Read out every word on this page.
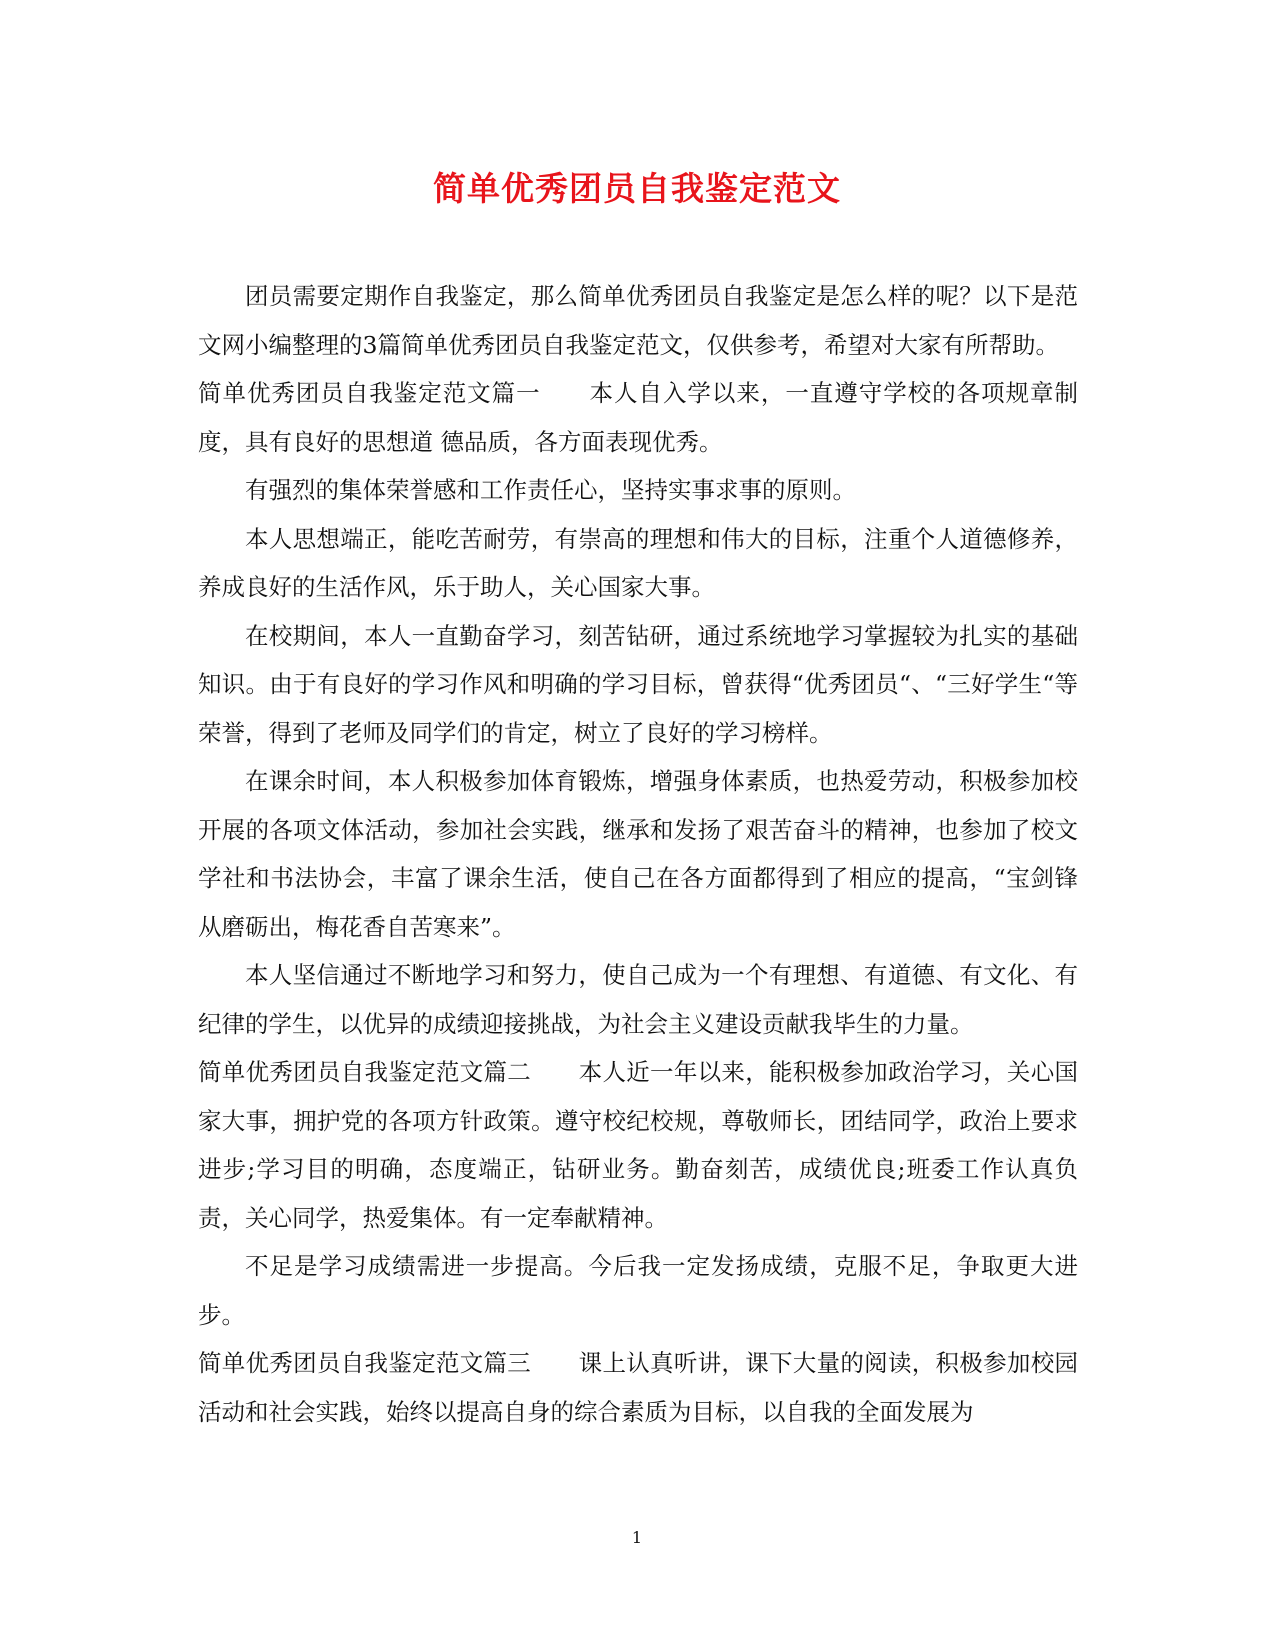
简单优秀团员自我鉴定范文

团员需要定期作自我鉴定，那么简单优秀团员自我鉴定是怎么样的呢？以下是范文网小编整理的3篇简单优秀团员自我鉴定范文，仅供参考，希望对大家有所帮助。

简单优秀团员自我鉴定范文篇一　　本人自入学以来，一直遵守学校的各项规章制度，具有良好的思想道 德品质，各方面表现优秀。

有强烈的集体荣誉感和工作责任心，坚持实事求事的原则。

本人思想端正，能吃苦耐劳，有崇高的理想和伟大的目标，注重个人道德修养，养成良好的生活作风，乐于助人，关心国家大事。

在校期间，本人一直勤奋学习，刻苦钻研，通过系统地学习掌握较为扎实的基础知识。由于有良好的学习作风和明确的学习目标，曾获得“优秀团员“、“三好学生“等荣誉，得到了老师及同学们的肯定，树立了良好的学习榜样。

在课余时间，本人积极参加体育锻炼，增强身体素质，也热爱劳动，积极参加校开展的各项文体活动，参加社会实践，继承和发扬了艰苦奋斗的精神，也参加了校文学社和书法协会，丰富了课余生活，使自己在各方面都得到了相应的提高，“宝剑锋从磨砺出，梅花香自苦寒来”。

本人坚信通过不断地学习和努力，使自己成为一个有理想、有道德、有文化、有纪律的学生，以优异的成绩迎接挑战，为社会主义建设贡献我毕生的力量。

简单优秀团员自我鉴定范文篇二　　本人近一年以来，能积极参加政治学习，关心国家大事，拥护党的各项方针政策。遵守校纪校规，尊敬师长，团结同学，政治上要求进步;学习目的明确，态度端正，钻研业务。勤奋刻苦，成绩优良;班委工作认真负责，关心同学，热爱集体。有一定奉献精神。

不足是学习成绩需进一步提高。今后我一定发扬成绩，克服不足，争取更大进步。

简单优秀团员自我鉴定范文篇三　　课上认真听讲，课下大量的阅读，积极参加校园活动和社会实践，始终以提高自身的综合素质为目标，以自我的全面发展为

1
